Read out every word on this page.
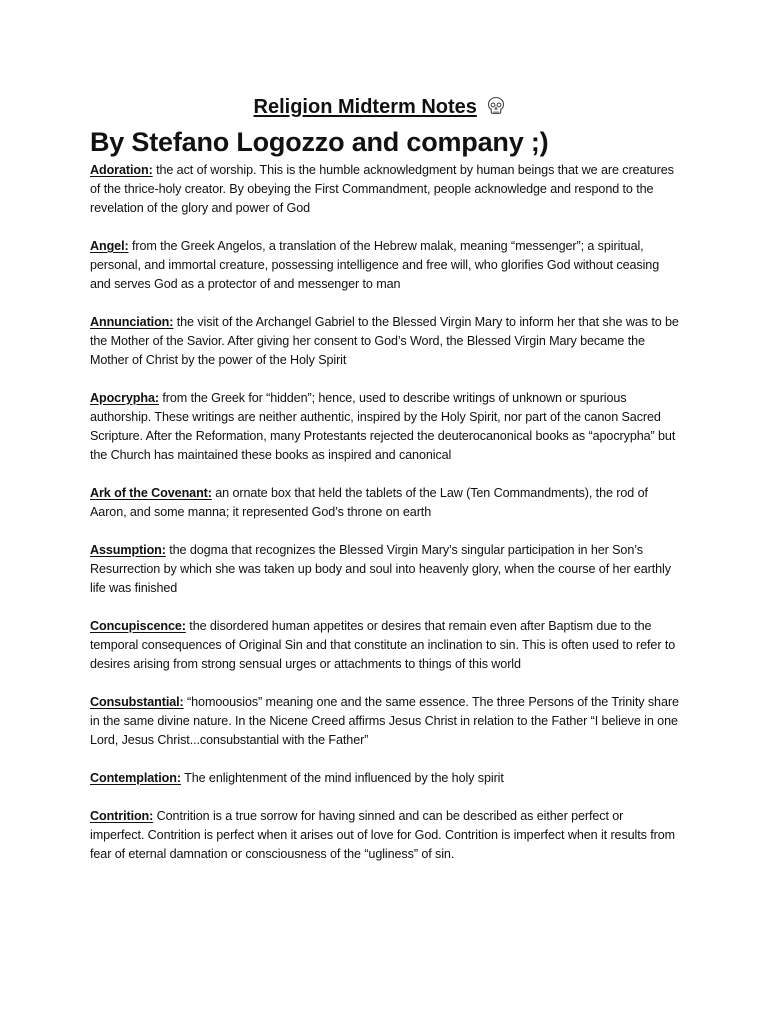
Religion Midterm Notes
By Stefano Logozzo and company ;)

Adoration: the act of worship. This is the humble acknowledgment by human beings that we are creatures of the thrice-holy creator. By obeying the First Commandment, people acknowledge and respond to the revelation of the glory and power of God

Angel: from the Greek Angelos, a translation of the Hebrew malak, meaning “messenger”; a spiritual, personal, and immortal creature, possessing intelligence and free will, who glorifies God without ceasing and serves God as a protector of and messenger to man

Annunciation: the visit of the Archangel Gabriel to the Blessed Virgin Mary to inform her that she was to be the Mother of the Savior. After giving her consent to God’s Word, the Blessed Virgin Mary became the Mother of Christ by the power of the Holy Spirit

Apocrypha: from the Greek for “hidden”; hence, used to describe writings of unknown or spurious authorship. These writings are neither authentic, inspired by the Holy Spirit, nor part of the canon Sacred Scripture. After the Reformation, many Protestants rejected the deuterocanonical books as “apocrypha” but the Church has maintained these books as inspired and canonical

Ark of the Covenant: an ornate box that held the tablets of the Law (Ten Commandments), the rod of Aaron, and some manna; it represented God’s throne on earth

Assumption: the dogma that recognizes the Blessed Virgin Mary’s singular participation in her Son’s Resurrection by which she was taken up body and soul into heavenly glory, when the course of her earthly life was finished

Concupiscence: the disordered human appetites or desires that remain even after Baptism due to the temporal consequences of Original Sin and that constitute an inclination to sin. This is often used to refer to desires arising from strong sensual urges or attachments to things of this world

Consubstantial: “homoousios” meaning one and the same essence. The three Persons of the Trinity share in the same divine nature. In the Nicene Creed affirms Jesus Christ in relation to the Father “I believe in one Lord, Jesus Christ...consubstantial with the Father”

Contemplation: The enlightenment of the mind influenced by the holy spirit

Contrition: Contrition is a true sorrow for having sinned and can be described as either perfect or imperfect. Contrition is perfect when it arises out of love for God. Contrition is imperfect when it results from fear of eternal damnation or consciousness of the “ugliness” of sin.
